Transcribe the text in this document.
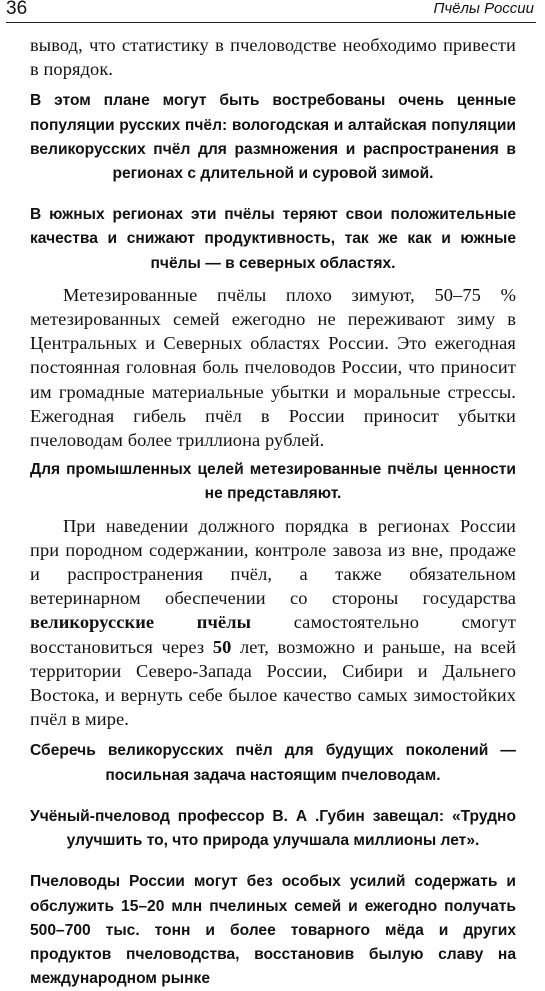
36	Пчёлы России

вывод, что статистику в пчеловодстве необходимо привести в порядок.

В этом плане могут быть востребованы очень ценные популяции русских пчёл: вологодская и алтайская популяции великорусских пчёл для размножения и распространения в регионах с длительной и суровой зимой.

В южных регионах эти пчёлы теряют свои положительные качества и снижают продуктивность, так же как и южные пчёлы — в северных областях.

Метезированные пчёлы плохо зимуют, 50–75 % метезированных семей ежегодно не переживают зиму в Центральных и Северных областях России. Это ежегодная постоянная головная боль пчеловодов России, что приносит им громадные материальные убытки и моральные стрессы. Ежегодная гибель пчёл в России приносит убытки пчеловодам более триллиона рублей.

Для промышленных целей метезированные пчёлы ценности не представляют.

При наведении должного порядка в регионах России при породном содержании, контроле завоза из вне, продаже и распространения пчёл, а также обязательном ветеринарном обеспечении со стороны государства великорусские пчёлы самостоятельно смогут восстановиться через 50 лет, возможно и раньше, на всей территории Северо-Запада России, Сибири и Дальнего Востока, и вернуть себе былое качество самых зимостойких пчёл в мире.

Сберечь великорусских пчёл для будущих поколений — посильная задача настоящим пчеловодам.

Учёный-пчеловод профессор В. А .Губин завещал: «Трудно улучшить то, что природа улучшала миллионы лет».

Пчеловоды России могут без особых усилий содержать и обслужить 15–20 млн пчелиных семей и ежегодно получать 500–700 тыс. тонн и более товарного мёда и других продуктов пчеловодства, восстановив былую славу на международном рынке
